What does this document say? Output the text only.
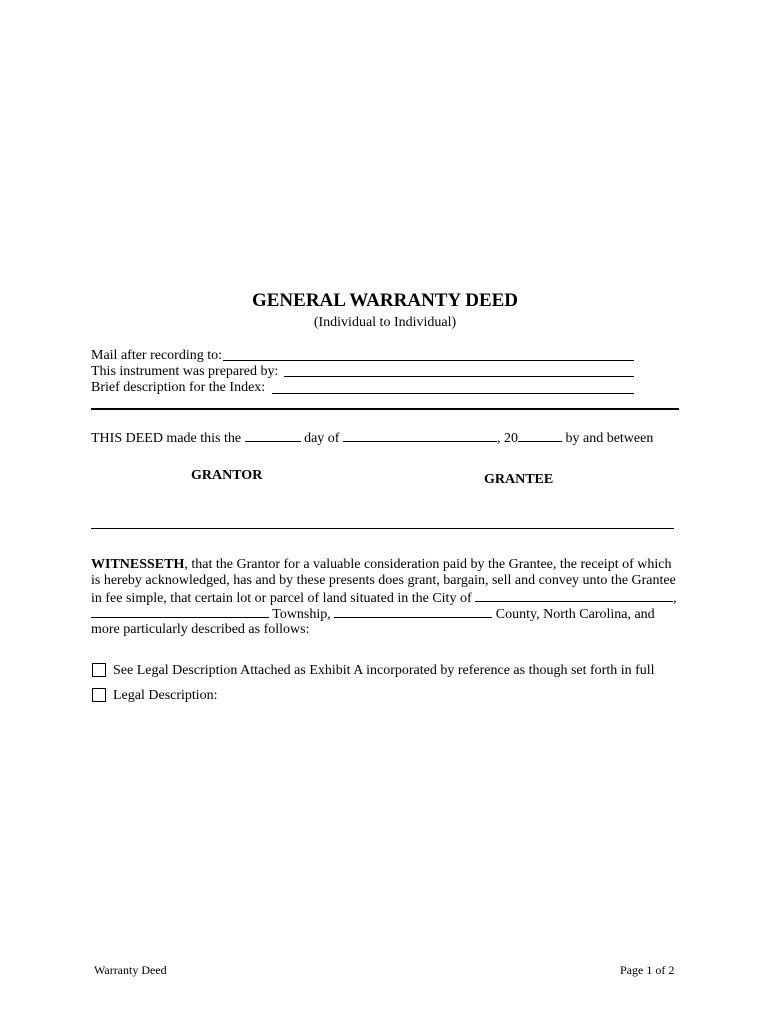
GENERAL WARRANTY DEED
(Individual to Individual)
Mail after recording to:
This instrument was prepared by:
Brief description for the Index:
THIS DEED made this the	day of	, 20	by and between
GRANTOR	GRANTEE
WITNESSETH, that the Grantor for a valuable consideration paid by the Grantee, the receipt of which
is hereby acknowledged, has and by these presents does grant, bargain, sell and convey unto the Grantee
in fee simple, that certain lot or parcel of land situated in the City of	,
Township,	County, North Carolina, and
more particularly described as follows:
See Legal Description Attached as Exhibit A incorporated by reference as though set forth in full
Legal Description:
Warranty Deed	Page 1 of 2
